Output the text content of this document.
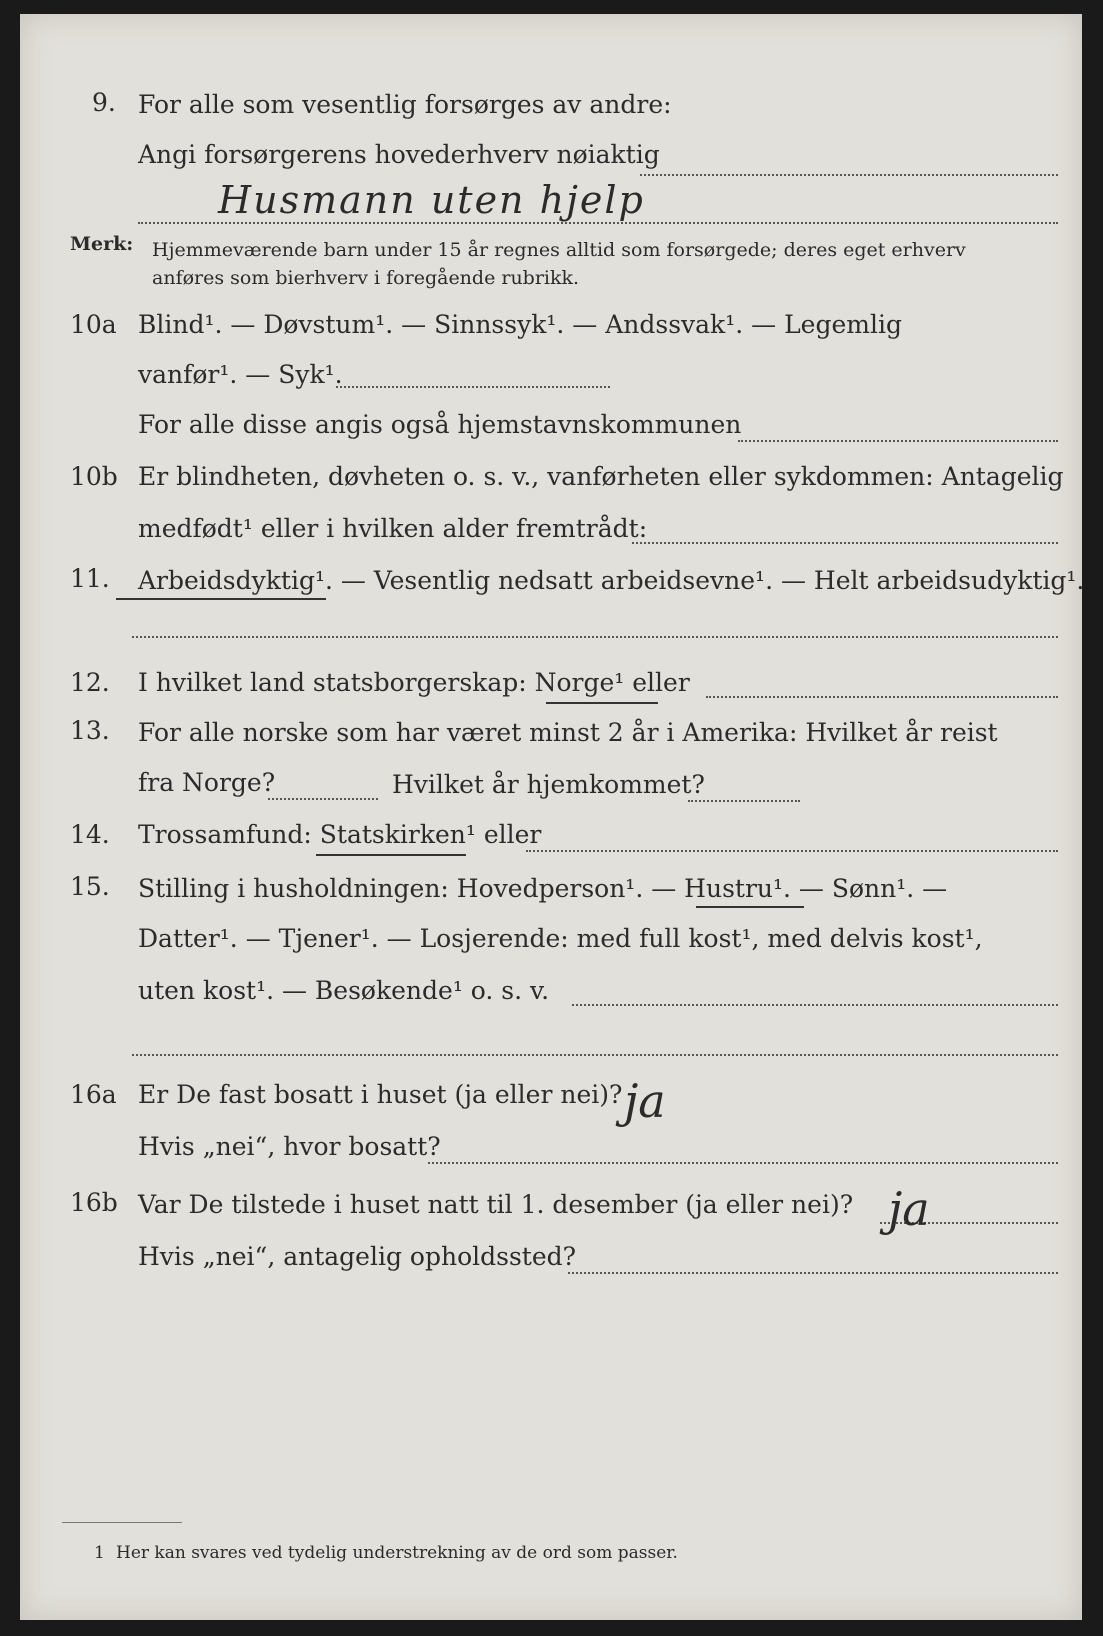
9. For alle som vesentlig forsørges av andre:
Angi forsørgerens hovederhverv nøiaktig
Husmann uten hjelp
Merk: Hjemmeværende barn under 15 år regnes alltid som forsørgede; deres eget erhverv
anføres som bierhverv i foregående rubrikk.
10a Blind¹. — Døvstum¹. — Sinnssyk¹. — Andssvak¹. — Legemlig
vanfør¹. — Syk¹.
For alle disse angis også hjemstavnskommunen
10b Er blindheten, døvheten o. s. v., vanførheten eller sykdommen: Antagelig
medfødt¹ eller i hvilken alder fremtrådt:
11. Arbeidsdyktig¹. — Vesentlig nedsatt arbeidsevne¹. — Helt arbeidsudyktig¹.
12. I hvilket land statsborgerskap: Norge¹ eller
13. For alle norske som har været minst 2 år i Amerika: Hvilket år reist
fra Norge?	Hvilket år hjemkommet?
14. Trossamfund: Statskirken¹ eller
15. Stilling i husholdningen: Hovedperson¹. — Hustru¹. — Sønn¹. —
Datter¹. — Tjener¹. — Losjerende: med full kost¹, med delvis kost¹,
uten kost¹. — Besøkende¹ o. s. v.
16a Er De fast bosatt i huset (ja eller nei)? ja
Hvis „nei“, hvor bosatt?
16b Var De tilstede i huset natt til 1. desember (ja eller nei)? ja
Hvis „nei“, antagelig opholdssted?
1 Her kan svares ved tydelig understrekning av de ord som passer.
